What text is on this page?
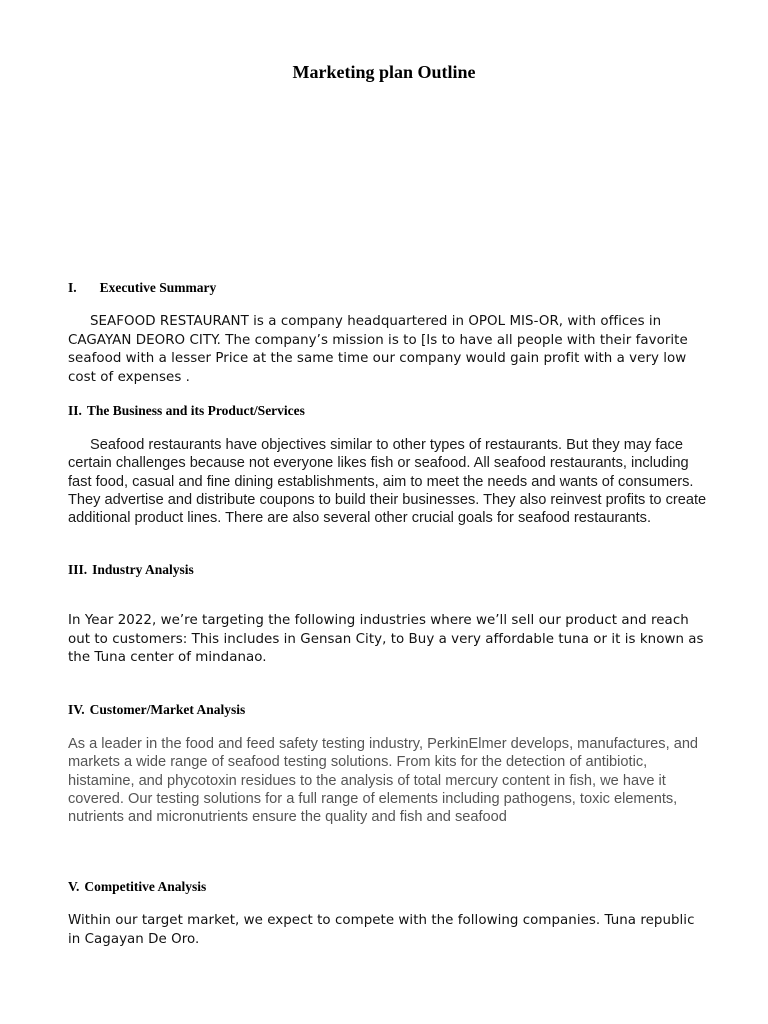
Marketing plan Outline
I. Executive Summary

SEAFOOD RESTAURANT is a company headquartered in OPOL MIS-OR, with offices in CAGAYAN DEORO CITY. The company’s mission is to [Is to have all people with their favorite seafood with a lesser Price at the same time our company would gain profit with a very low cost of expenses .

II. The Business and its Product/Services

Seafood restaurants have objectives similar to other types of restaurants. But they may face certain challenges because not everyone likes fish or seafood. All seafood restaurants, including fast food, casual and fine dining establishments, aim to meet the needs and wants of consumers. They advertise and distribute coupons to build their businesses. They also reinvest profits to create additional product lines. There are also several other crucial goals for seafood restaurants.

III. Industry Analysis

In Year 2022, we’re targeting the following industries where we’ll sell our product and reach out to customers: This includes in Gensan City, to Buy a very affordable tuna or it is known as the Tuna center of mindanao.

IV. Customer/Market Analysis

As a leader in the food and feed safety testing industry, PerkinElmer develops, manufactures, and markets a wide range of seafood testing solutions. From kits for the detection of antibiotic, histamine, and phycotoxin residues to the analysis of total mercury content in fish, we have it covered. Our testing solutions for a full range of elements including pathogens, toxic elements, nutrients and micronutrients ensure the quality and fish and seafood

V. Competitive Analysis

Within our target market, we expect to compete with the following companies. Tuna republic in Cagayan De Oro.
